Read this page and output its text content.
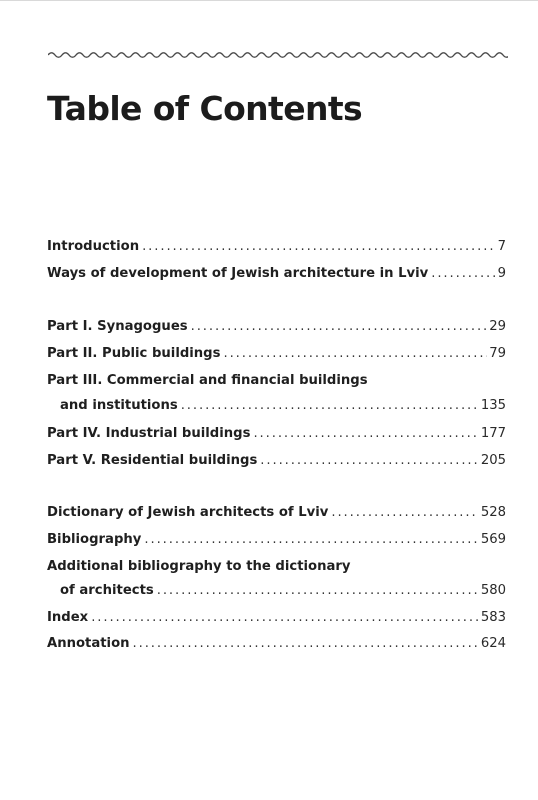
Table of Contents
Introduction .....	7
Ways of development of Jewish architecture in Lviv .....	9
Part I. Synagogues .....	29
Part II. Public buildings .....	79
Part III. Commercial and financial buildings
and institutions .....	135
Part IV. Industrial buildings .....	177
Part V. Residential buildings .....	205
Dictionary of Jewish architects of Lviv .....	528
Bibliography .....	569
Additional bibliography to the dictionary
of architects .....	580
Index .....	583
Annotation .....	624
